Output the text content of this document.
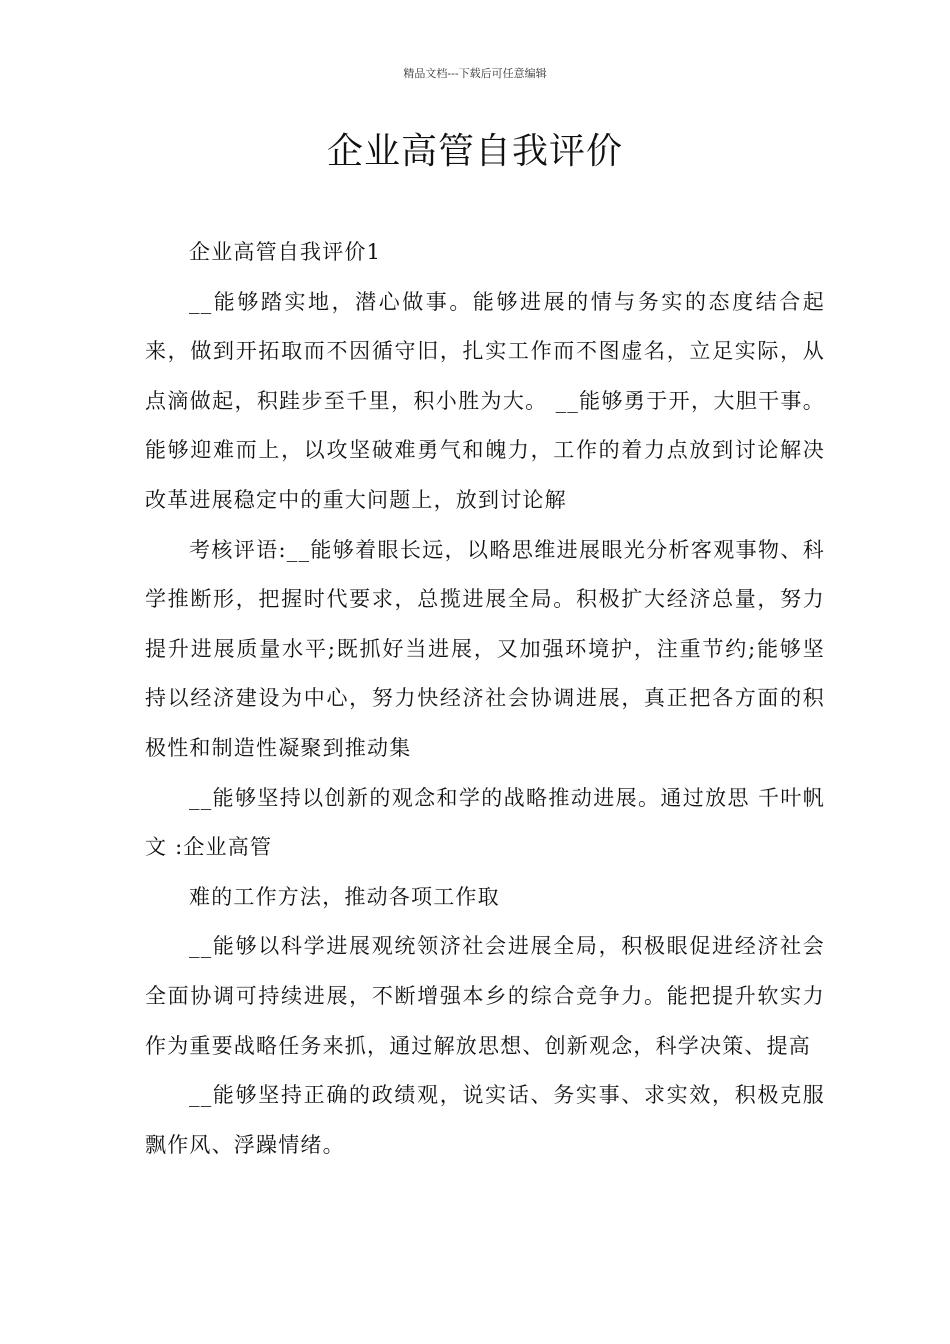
精品文档---下载后可任意编辑
企业高管自我评价

企业高管自我评价1

__能够踏实地，潜心做事。能够进展的情与务实的态度结合起来，做到开拓取而不因循守旧，扎实工作而不图虚名，立足实际，从点滴做起，积跬步至千里，积小胜为大。 __能够勇于开，大胆干事。能够迎难而上，以攻坚破难勇气和魄力，工作的着力点放到讨论解决改革进展稳定中的重大问题上，放到讨论解

考核评语:__能够着眼长远，以略思维进展眼光分析客观事物、科学推断形，把握时代要求，总揽进展全局。积极扩大经济总量，努力提升进展质量水平;既抓好当进展，又加强环境护，注重节约;能够坚持以经济建设为中心，努力快经济社会协调进展，真正把各方面的积极性和制造性凝聚到推动集

__能够坚持以创新的观念和学的战略推动进展。通过放思 千叶帆文 :企业高管

难的工作方法，推动各项工作取

__能够以科学进展观统领济社会进展全局，积极眼促进经济社会全面协调可持续进展，不断增强本乡的综合竞争力。能把提升软实力作为重要战略任务来抓，通过解放思想、创新观念，科学决策、提高

__能够坚持正确的政绩观，说实话、务实事、求实效，积极克服飘作风、浮躁情绪。
